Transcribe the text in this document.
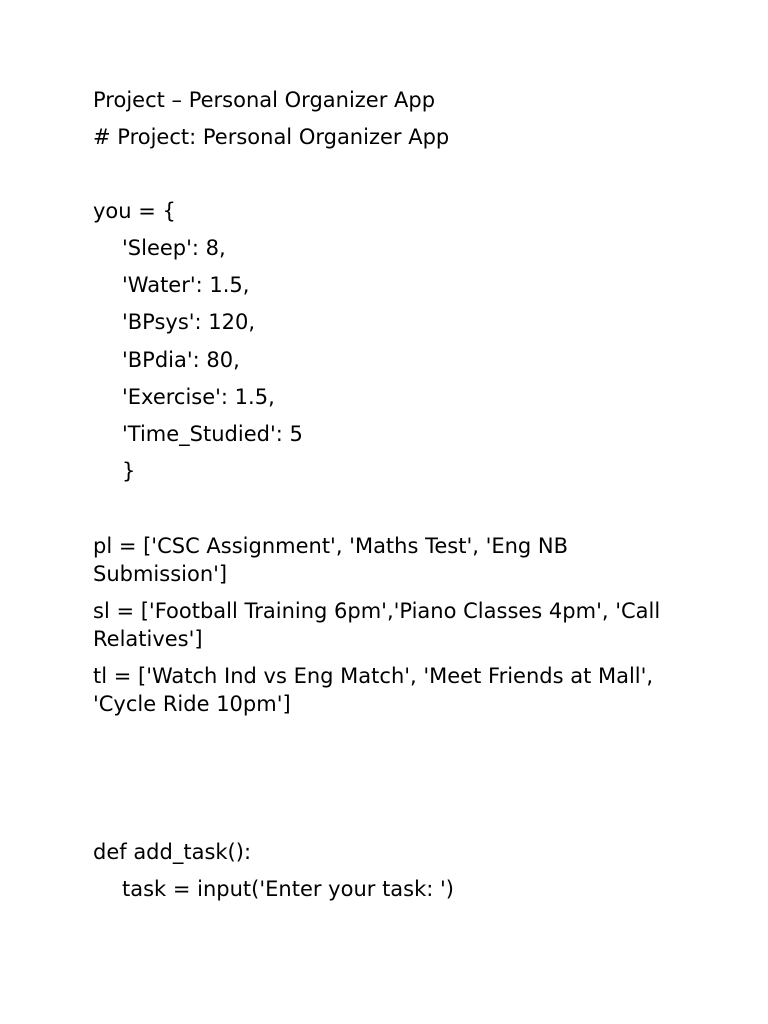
Project – Personal Organizer App
# Project: Personal Organizer App
you = {
'Sleep': 8,
'Water': 1.5,
'BPsys': 120,
'BPdia': 80,
'Exercise': 1.5,
'Time_Studied': 5
}
pl = ['CSC Assignment', 'Maths Test', 'Eng NB Submission']
sl = ['Football Training 6pm','Piano Classes 4pm', 'Call Relatives']
tl = ['Watch Ind vs Eng Match', 'Meet Friends at Mall', 'Cycle Ride 10pm']
def add_task():
task = input('Enter your task: ')
